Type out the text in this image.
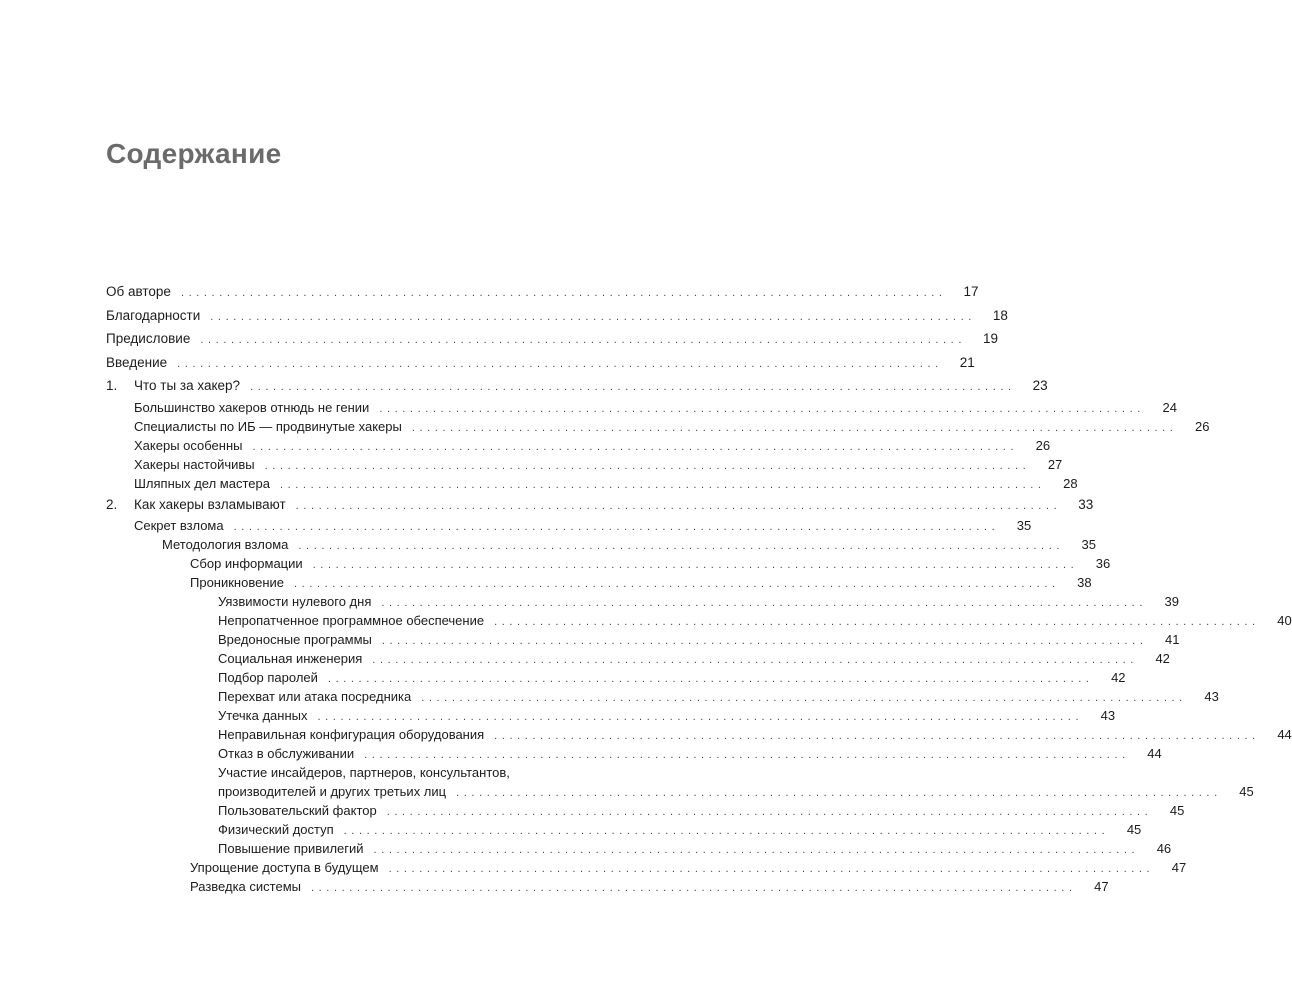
Содержание
Об авторе ....................................................................................................	17
Благодарности ....................................................................................................	18
Предисловие ....................................................................................................	19
Введение ....................................................................................................	21
1.	Что ты за хакер? ....................................................................................................	23
Большинство хакеров отнюдь не гении ....................................................................................................	24
Специалисты по ИБ — продвинутые хакеры ....................................................................................................	26
Хакеры особенны ....................................................................................................	26
Хакеры настойчивы ....................................................................................................	27
Шляпных дел мастера ....................................................................................................	28
2.	Как хакеры взламывают ....................................................................................................	33
Секрет взлома ....................................................................................................	35
Методология взлома ....................................................................................................	35
Сбор информации ....................................................................................................	36
Проникновение ....................................................................................................	38
Уязвимости нулевого дня ....................................................................................................	39
Непропатченное программное обеспечение ....................................................................................................	40
Вредоносные программы ....................................................................................................	41
Социальная инженерия ....................................................................................................	42
Подбор паролей ....................................................................................................	42
Перехват или атака посредника ....................................................................................................	43
Утечка данных ....................................................................................................	43
Неправильная конфигурация оборудования ....................................................................................................	44
Отказ в обслуживании ....................................................................................................	44
Участие инсайдеров, партнеров, консультантов,
производителей и других третьих лиц ....................................................................................................	45
Пользовательский фактор ....................................................................................................	45
Физический доступ ....................................................................................................	45
Повышение привилегий ....................................................................................................	46
Упрощение доступа в будущем ....................................................................................................	47
Разведка системы ....................................................................................................	47
